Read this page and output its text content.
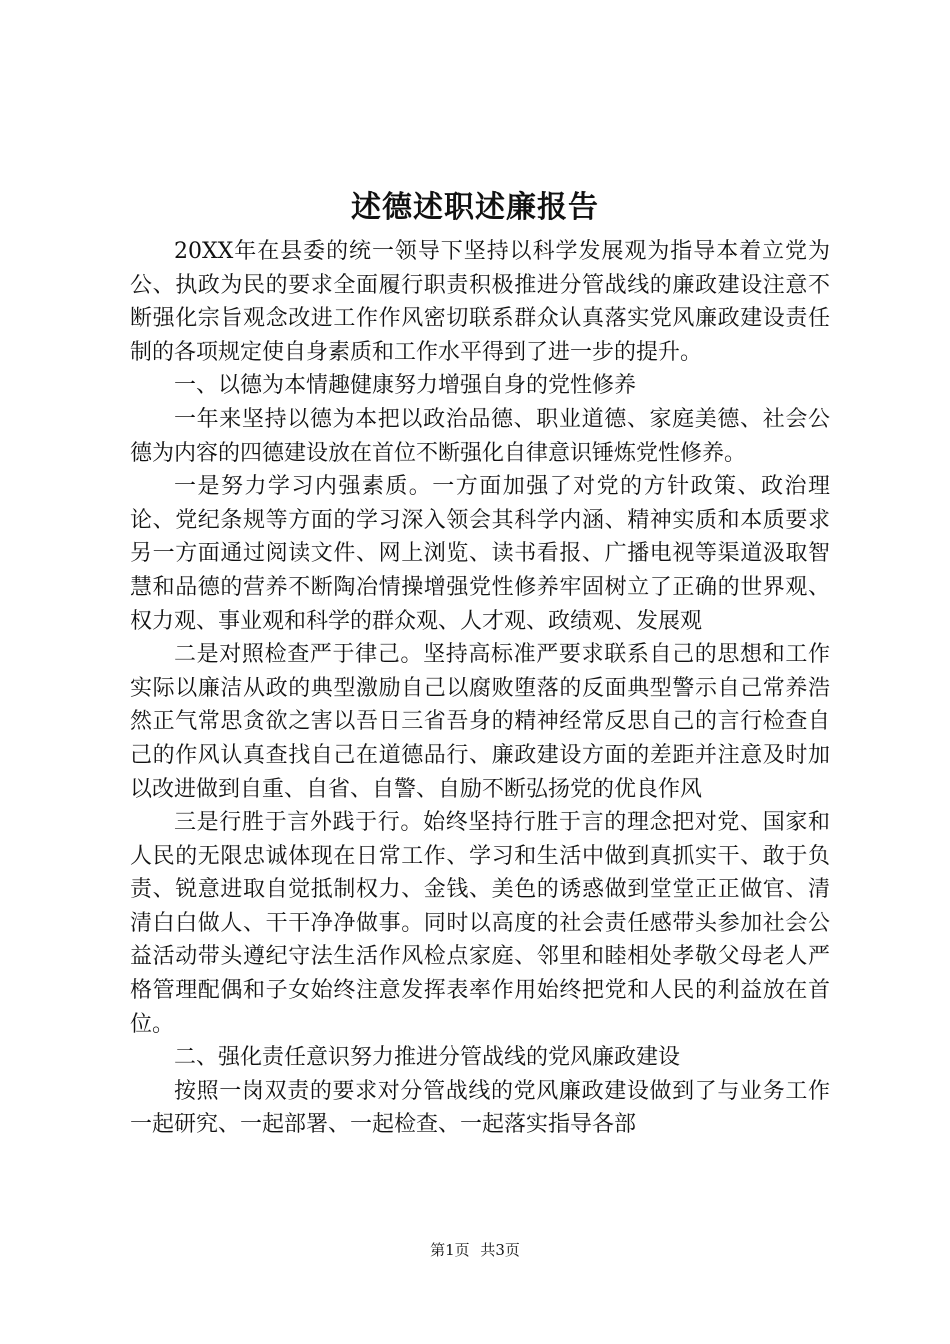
述德述职述廉报告

20XX年在县委的统一领导下坚持以科学发展观为指导本着立党为公、执政为民的要求全面履行职责积极推进分管战线的廉政建设注意不断强化宗旨观念改进工作作风密切联系群众认真落实党风廉政建设责任制的各项规定使自身素质和工作水平得到了进一步的提升。

一、以德为本情趣健康努力增强自身的党性修养

一年来坚持以德为本把以政治品德、职业道德、家庭美德、社会公德为内容的四德建设放在首位不断强化自律意识锤炼党性修养。

一是努力学习内强素质。一方面加强了对党的方针政策、政治理论、党纪条规等方面的学习深入领会其科学内涵、精神实质和本质要求另一方面通过阅读文件、网上浏览、读书看报、广播电视等渠道汲取智慧和品德的营养不断陶冶情操增强党性修养牢固树立了正确的世界观、权力观、事业观和科学的群众观、人才观、政绩观、发展观

二是对照检查严于律己。坚持高标准严要求联系自己的思想和工作实际以廉洁从政的典型激励自己以腐败堕落的反面典型警示自己常养浩然正气常思贪欲之害以吾日三省吾身的精神经常反思自己的言行检查自己的作风认真查找自己在道德品行、廉政建设方面的差距并注意及时加以改进做到自重、自省、自警、自励不断弘扬党的优良作风

三是行胜于言外践于行。始终坚持行胜于言的理念把对党、国家和人民的无限忠诚体现在日常工作、学习和生活中做到真抓实干、敢于负责、锐意进取自觉抵制权力、金钱、美色的诱惑做到堂堂正正做官、清清白白做人、干干净净做事。同时以高度的社会责任感带头参加社会公益活动带头遵纪守法生活作风检点家庭、邻里和睦相处孝敬父母老人严格管理配偶和子女始终注意发挥表率作用始终把党和人民的利益放在首位。

二、强化责任意识努力推进分管战线的党风廉政建设

按照一岗双责的要求对分管战线的党风廉政建设做到了与业务工作一起研究、一起部署、一起检查、一起落实指导各部

第1页 共3页
